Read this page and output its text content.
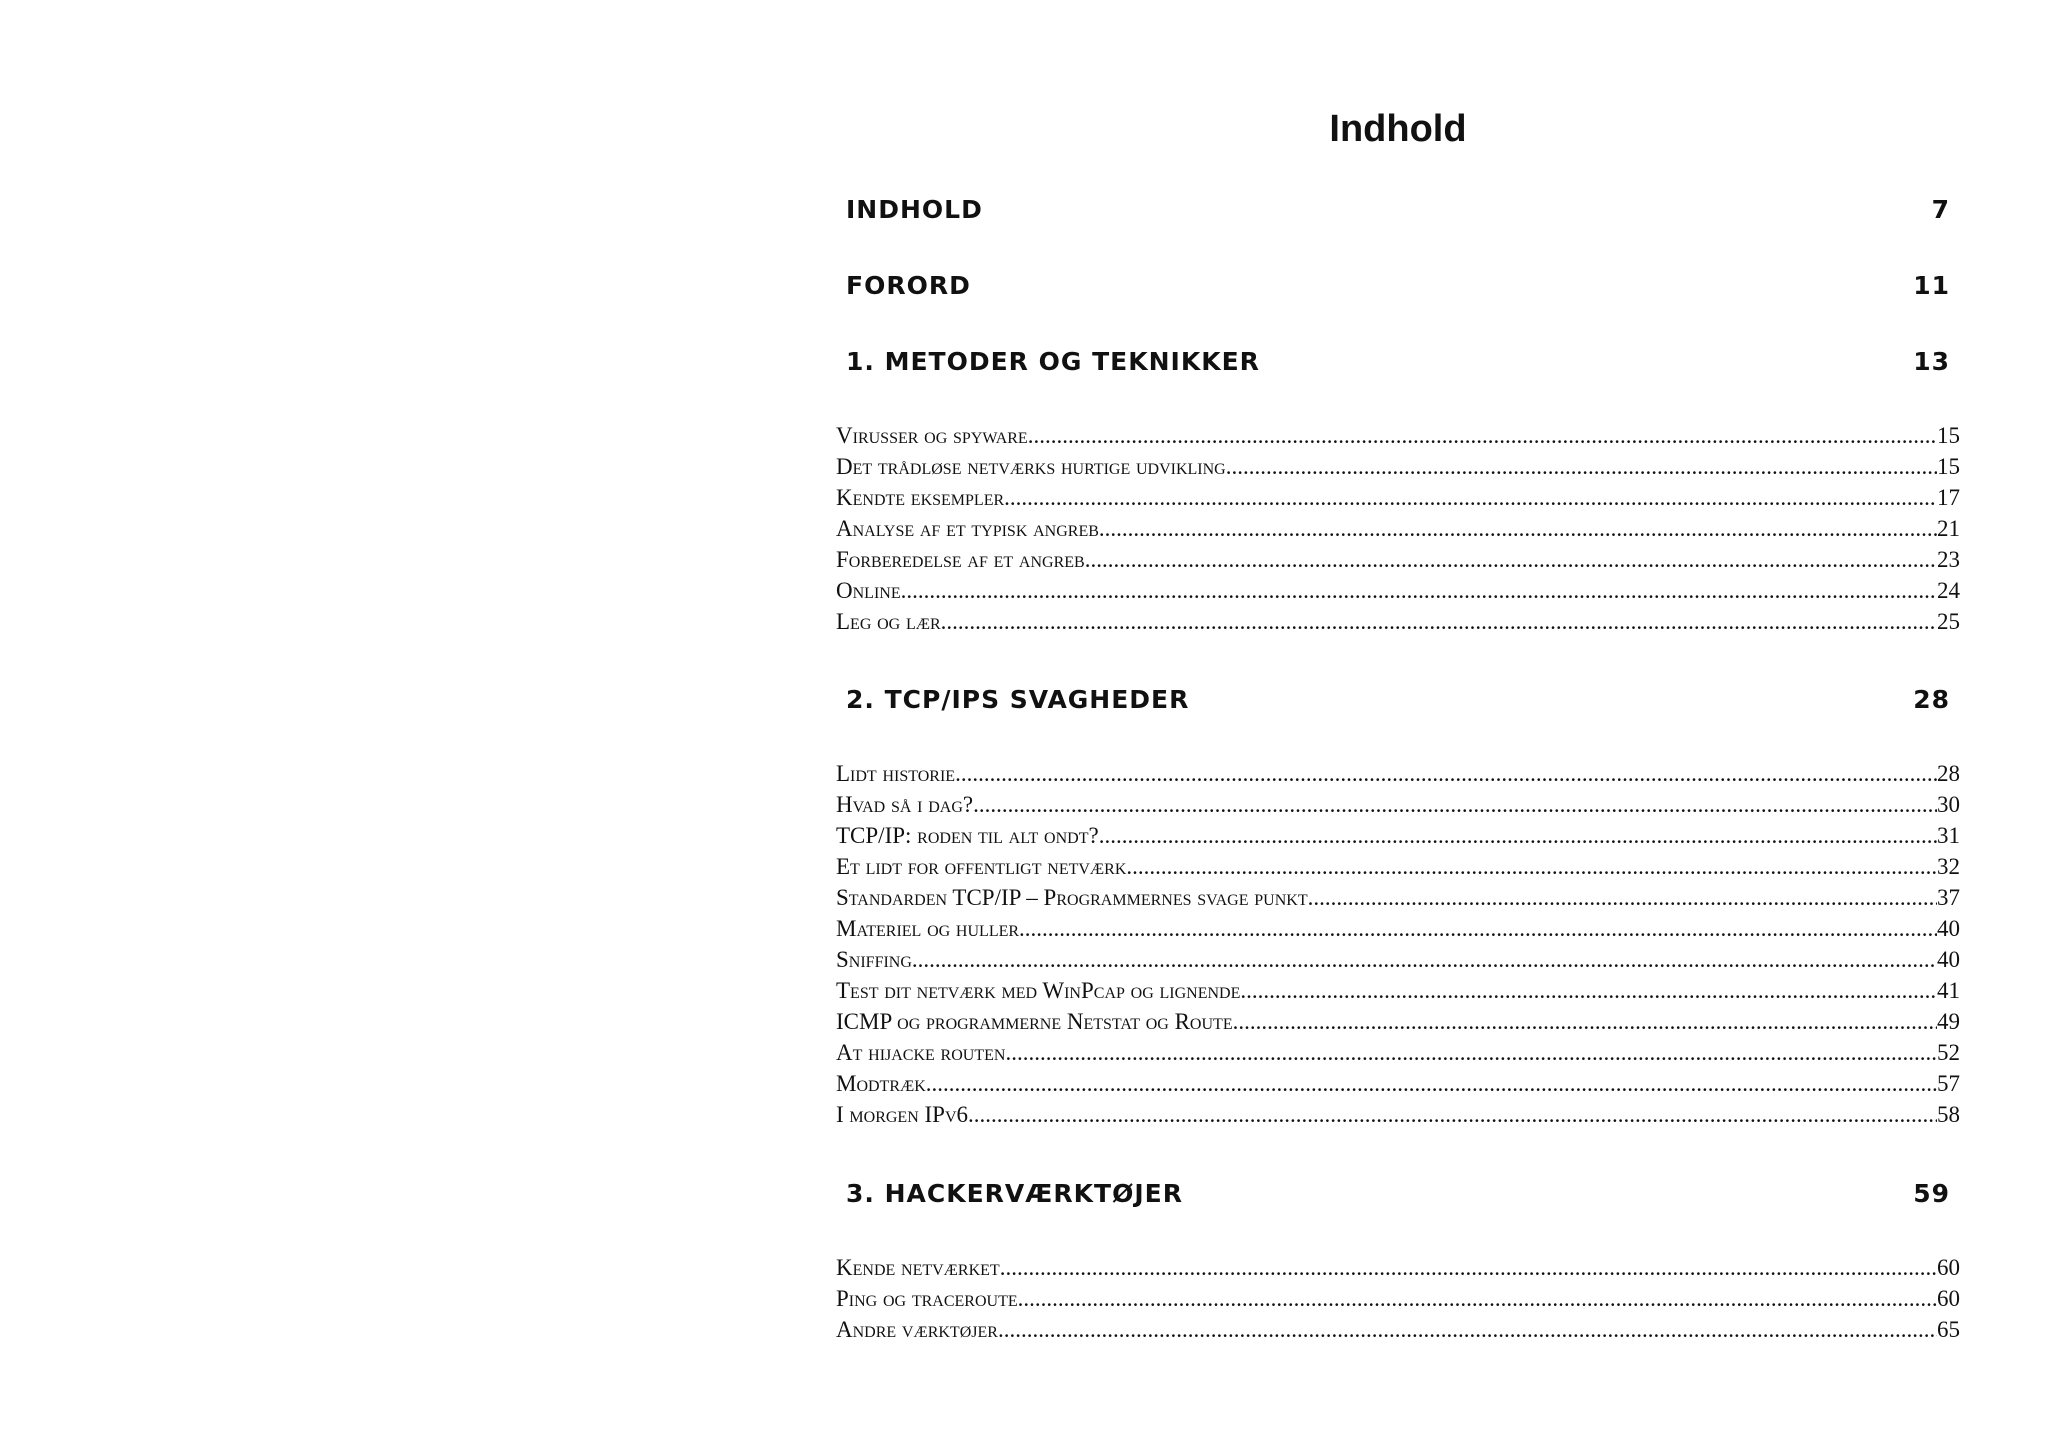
Indhold
INDHOLD	7
FORORD	11
1. METODER OG TEKNIKKER	13
Virusser og spyware .....	15
Det trådløse netværks hurtige udvikling .....	15
Kendte eksempler .....	17
Analyse af et typisk angreb .....	21
Forberedelse af et angreb .....	23
Online .....	24
Leg og lær .....	25
2. TCP/IPS SVAGHEDER	28
Lidt historie .....	28
Hvad så i dag? .....	30
TCP/IP: roden til alt ondt? .....	31
Et lidt for offentligt netværk .....	32
Standarden TCP/IP – Programmernes svage punkt .....	37
Materiel og huller .....	40
Sniffing .....	40
Test dit netværk med WinPcap og lignende .....	41
ICMP og programmerne Netstat og Route .....	49
At hijacke routen .....	52
Modtræk .....	57
I morgen IPv6 .....	58
3. HACKERVÆRKTØJER	59
Kende netværket .....	60
Ping og traceroute .....	60
Andre værktøjer .....	65
